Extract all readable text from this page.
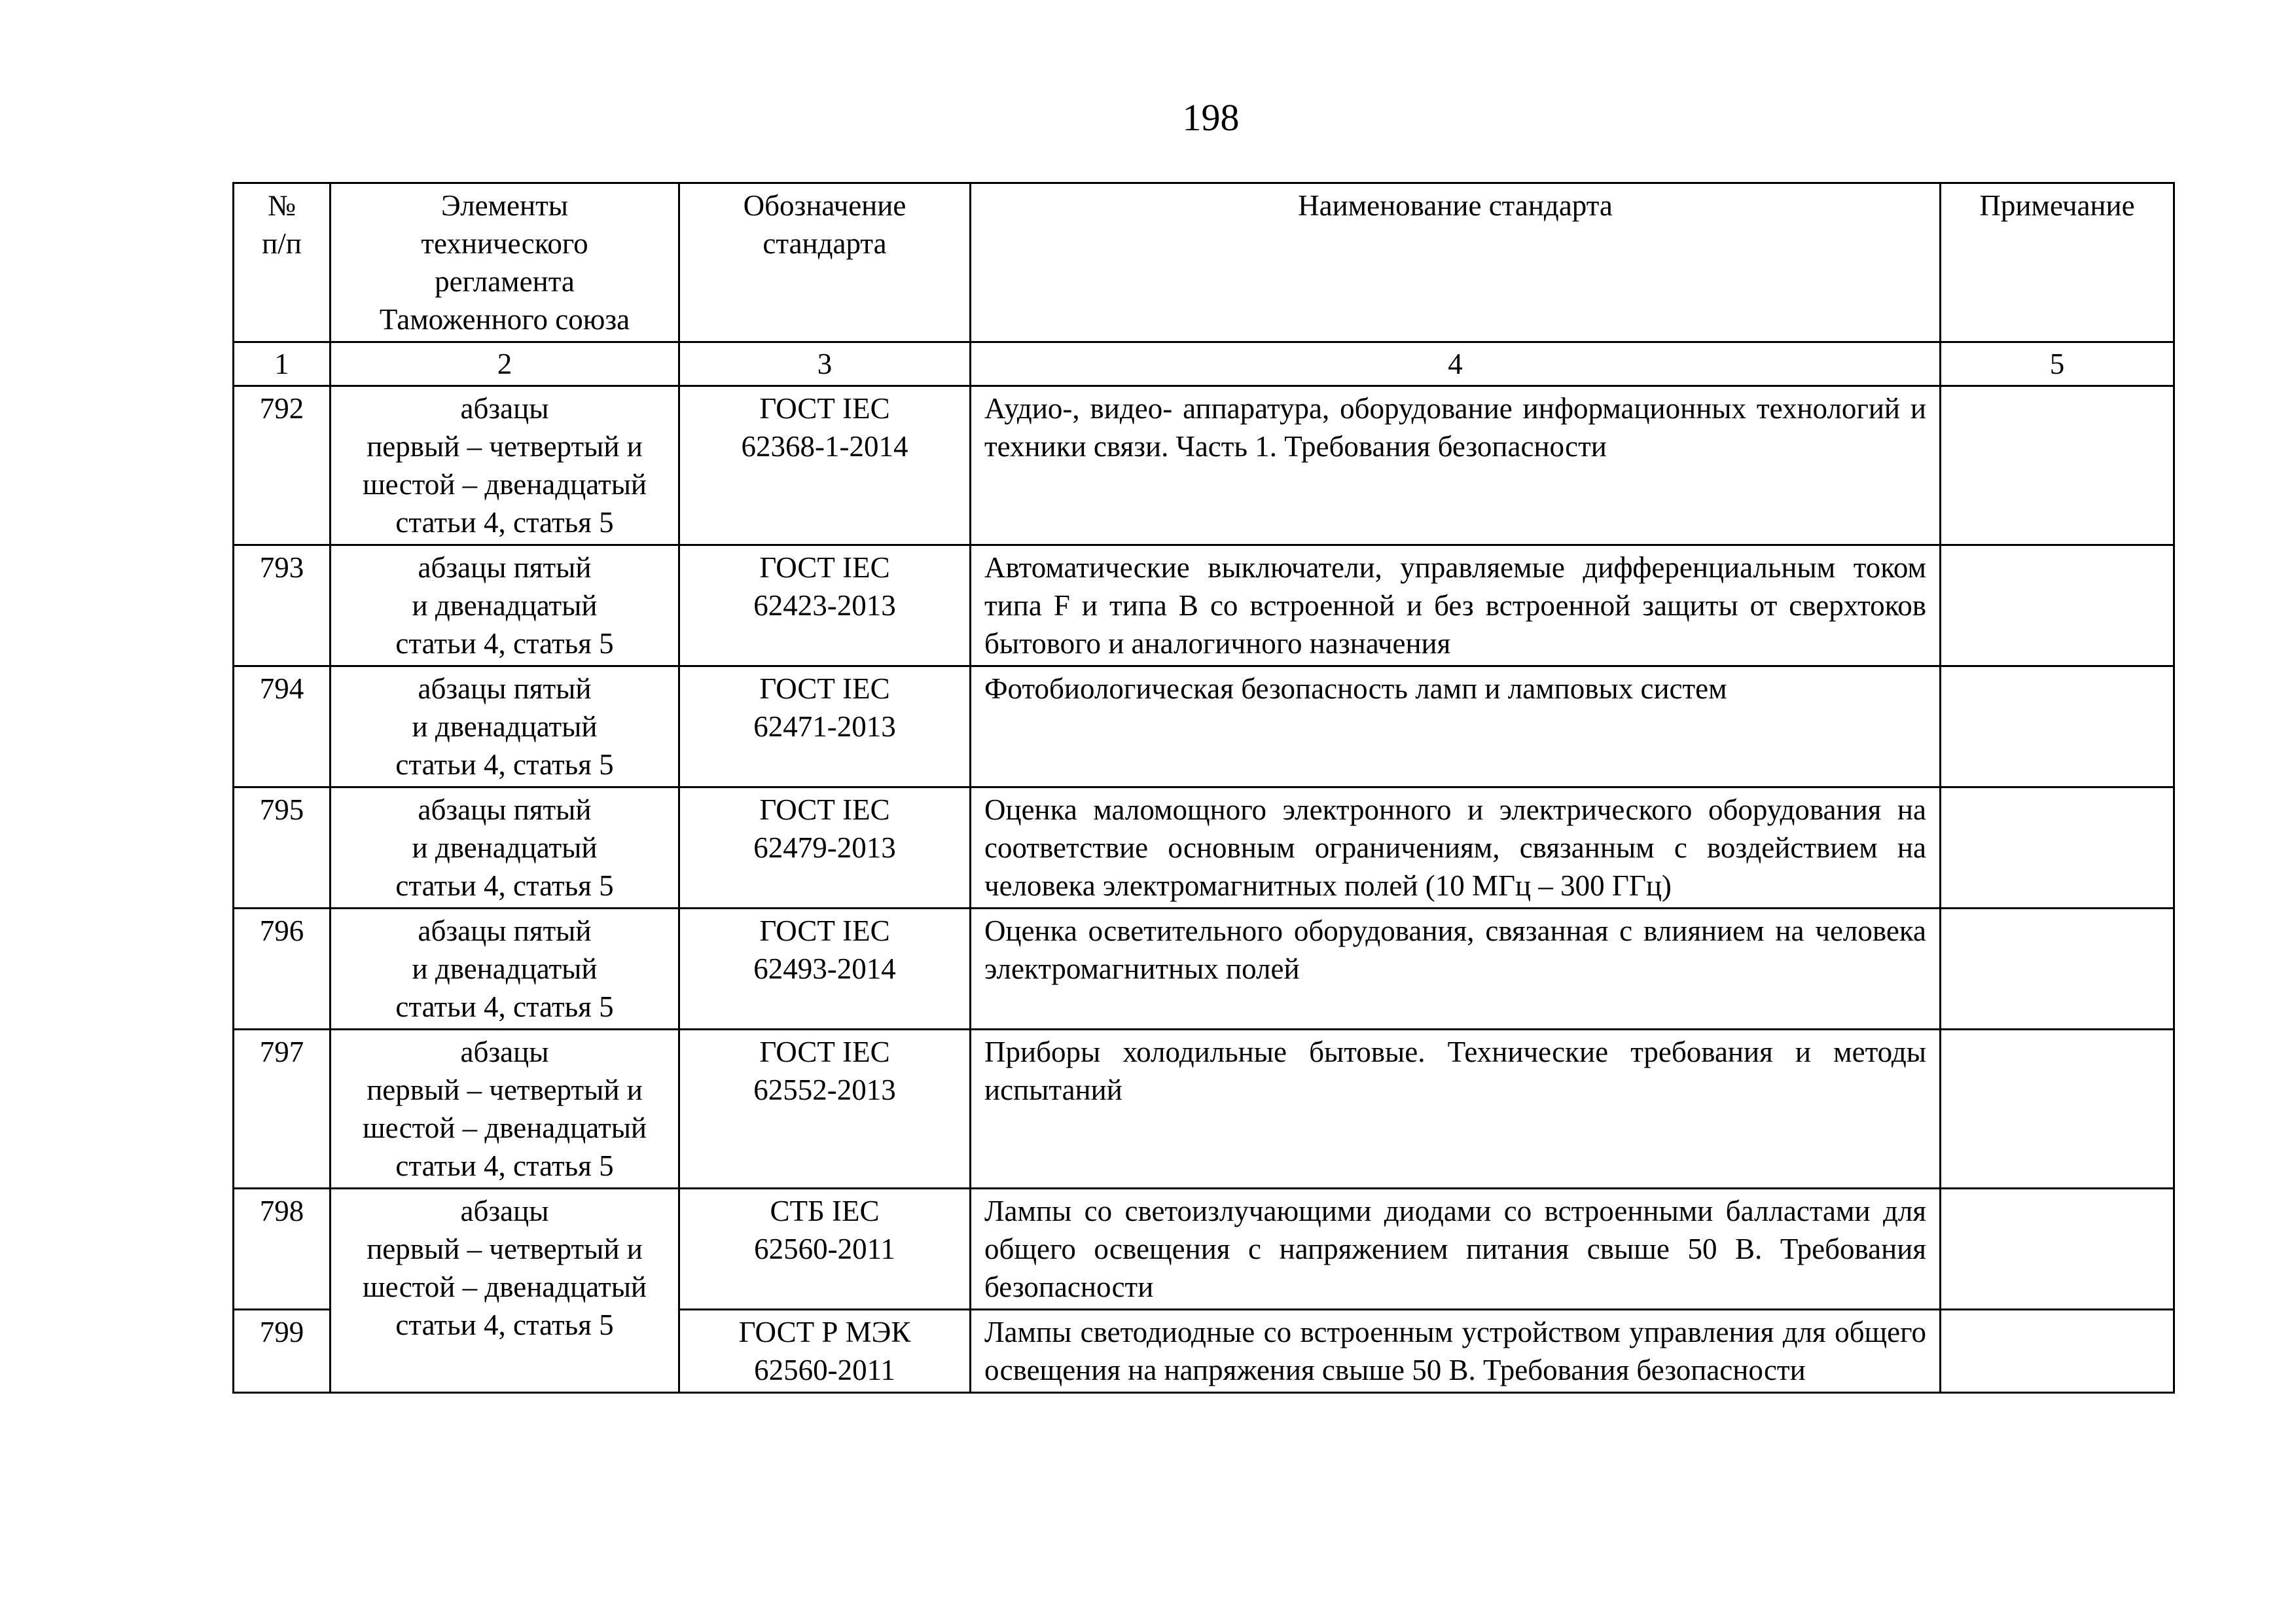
198
№
п/п	Элементы
технического
регламента
Таможенного союза	Обозначение
стандарта	Наименование стандарта	Примечание
1	2	3	4	5
792	абзацы
первый – четвертый и
шестой – двенадцатый
статьи 4, статья 5	ГОСТ IEC
62368-1-2014	Аудио-, видео- аппаратура, оборудование информационных технологий и техники связи. Часть 1. Требования безопасности	
793	абзацы пятый
и двенадцатый
статьи 4, статья 5	ГОСТ IEC
62423-2013	Автоматические выключатели, управляемые дифференциальным током типа F и типа B со встроенной и без встроенной защиты от сверхтоков бытового и аналогичного назначения	
794	абзацы пятый
и двенадцатый
статьи 4, статья 5	ГОСТ IEC
62471-2013	Фотобиологическая безопасность ламп и ламповых систем	
795	абзацы пятый
и двенадцатый
статьи 4, статья 5	ГОСТ IEC
62479-2013	Оценка маломощного электронного и электрического оборудования на соответствие основным ограничениям, связанным с воздействием на человека электромагнитных полей (10 МГц – 300 ГГц)	
796	абзацы пятый
и двенадцатый
статьи 4, статья 5	ГОСТ IEC
62493-2014	Оценка осветительного оборудования, связанная с влиянием на человека электромагнитных полей	
797	абзацы
первый – четвертый и
шестой – двенадцатый
статьи 4, статья 5	ГОСТ IEC
62552-2013	Приборы холодильные бытовые. Технические требования и методы испытаний	
798	абзацы
первый – четвертый и
шестой – двенадцатый
статьи 4, статья 5	СТБ IEC
62560-2011	Лампы со светоизлучающими диодами со встроенными балластами для общего освещения с напряжением питания свыше 50 В. Требования безопасности	
799		ГОСТ Р МЭК
62560-2011	Лампы светодиодные со встроенным устройством управления для общего освещения на напряжения свыше 50 В. Требования безопасности	
